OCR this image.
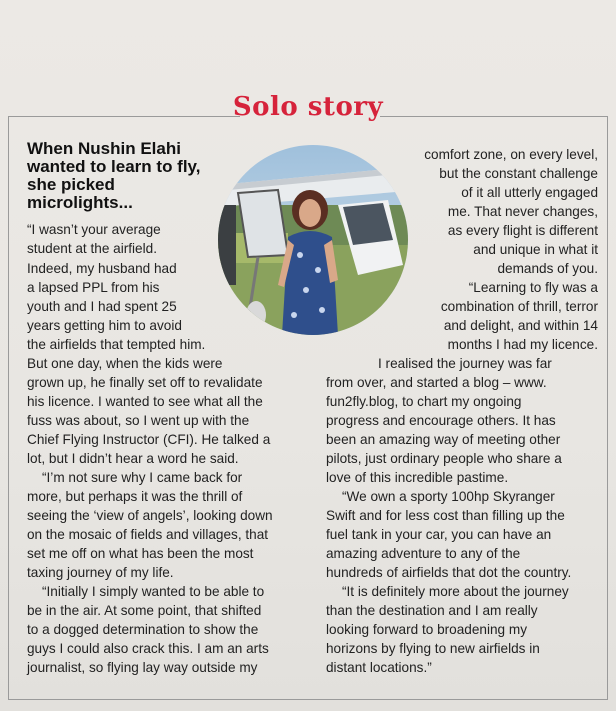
Solo story
When Nushin Elahi wanted to learn to fly, she picked microlights...
“I wasn’t your average
student at the airfield.
Indeed, my husband had
a lapsed PPL from his
youth and I had spent 25
years getting him to avoid
the airfields that tempted him.
But one day, when the kids were
grown up, he finally set off to revalidate
his licence. I wanted to see what all the
fuss was about, so I went up with the
Chief Flying Instructor (CFI). He talked a
lot, but I didn’t hear a word he said.
“I’m not sure why I came back for
more, but perhaps it was the thrill of
seeing the ‘view of angels’, looking down
on the mosaic of fields and villages, that
set me off on what has been the most
taxing journey of my life.
“Initially I simply wanted to be able to
be in the air. At some point, that shifted
to a dogged determination to show the
guys I could also crack this. I am an arts
journalist, so flying lay way outside my
comfort zone, on every level,
but the constant challenge
of it all utterly engaged
me. That never changes,
as every flight is different
and unique in what it
demands of you.
“Learning to fly was a
combination of thrill, terror
and delight, and within 14
months I had my licence.
I realised the journey was far
from over, and started a blog – www.
fun2fly.blog, to chart my ongoing
progress and encourage others. It has
been an amazing way of meeting other
pilots, just ordinary people who share a
love of this incredible pastime.
“We own a sporty 100hp Skyranger
Swift and for less cost than filling up the
fuel tank in your car, you can have an
amazing adventure to any of the
hundreds of airfields that dot the country.
“It is definitely more about the journey
than the destination and I am really
looking forward to broadening my
horizons by flying to new airfields in
distant locations.”
